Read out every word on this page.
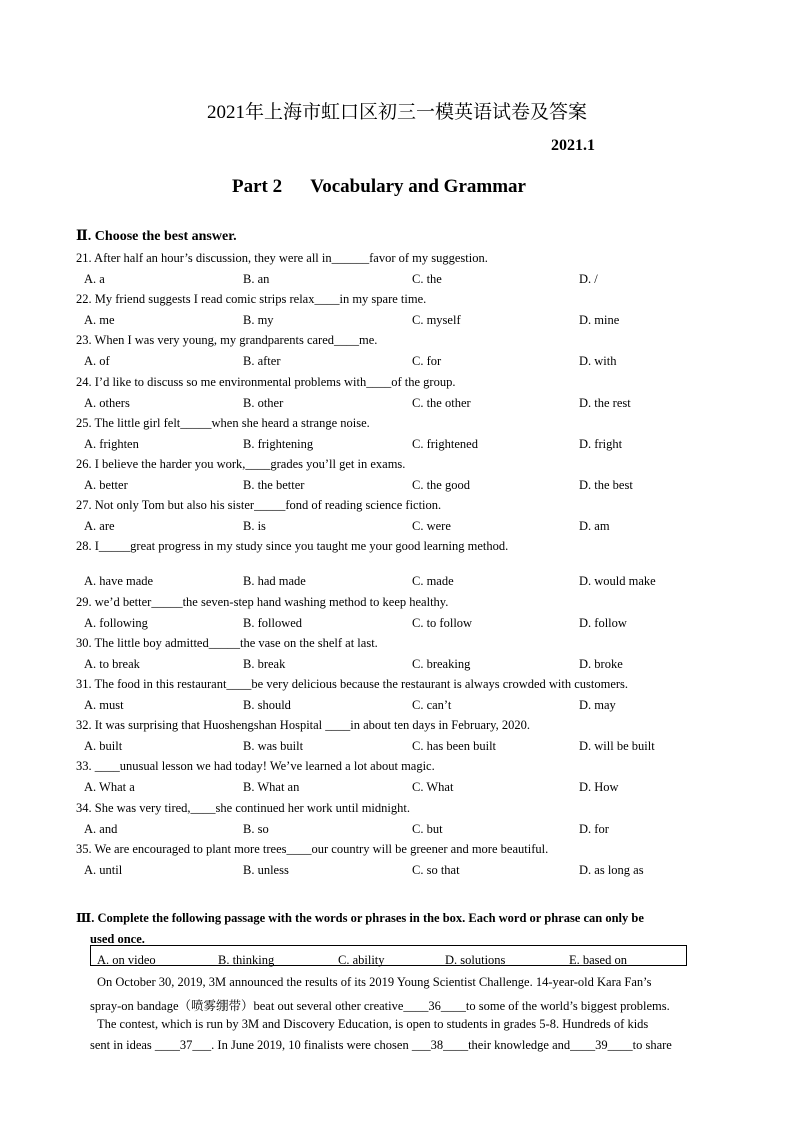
2021年上海市虹口区初三一模英语试卷及答案
2021.1
Part 2      Vocabulary and Grammar
Ⅱ. Choose the best answer.
21. After half an hour’s discussion, they were all in______favor of my suggestion.
A. a	B. an	C. the	D. /
22. My friend suggests I read comic strips relax____in my spare time.
A. me	B. my	C. myself	D. mine
23. When I was very young, my grandparents cared____me.
A. of	B. after	C. for	D. with
24. I’d like to discuss so me environmental problems with____of the group.
A. others	B. other	C. the other	D. the rest
25. The little girl felt_____when she heard a strange noise.
A. frighten	B. frightening	C. frightened	D. fright
26. I believe the harder you work,____grades you’ll get in exams.
A. better	B. the better	C. the good	D. the best
27. Not only Tom but also his sister_____fond of reading science fiction.
A. are	B. is	C. were	D. am
28. I_____great progress in my study since you taught me your good learning method.
A. have made	B. had made	C. made	D. would make
29. we’d better_____the seven-step hand washing method to keep healthy.
A. following	B. followed	C. to follow	D. follow
30. The little boy admitted_____the vase on the shelf at last.
A. to break	B. break	C. breaking	D. broke
31. The food in this restaurant____be very delicious because the restaurant is always crowded with customers.
A. must	B. should	C. can’t	D. may
32. It was surprising that Huoshengshan Hospital ____in about ten days in February, 2020.
A. built	B. was built	C. has been built	D. will be built
33. ____unusual lesson we had today! We’ve learned a lot about magic.
A. What a	B. What an	C. What	D. How
34. She was very tired,____she continued her work until midnight.
A. and	B. so	C. but	D. for
35. We are encouraged to plant more trees____our country will be greener and more beautiful.
A. until	B. unless	C. so that	D. as long as
Ⅲ. Complete the following passage with the words or phrases in the box. Each word or phrase can only be
used once.
A. on video	B. thinking	C. ability	D. solutions	E. based on
On October 30, 2019, 3M announced the results of its 2019 Young Scientist Challenge. 14-year-old Kara Fan’s
spray-on bandage（喷雾绷带）beat out several other creative____36____to some of the world’s biggest problems.
The contest, which is run by 3M and Discovery Education, is open to students in grades 5-8. Hundreds of kids
sent in ideas ____37___. In June 2019, 10 finalists were chosen ___38____their knowledge and____39____to share
